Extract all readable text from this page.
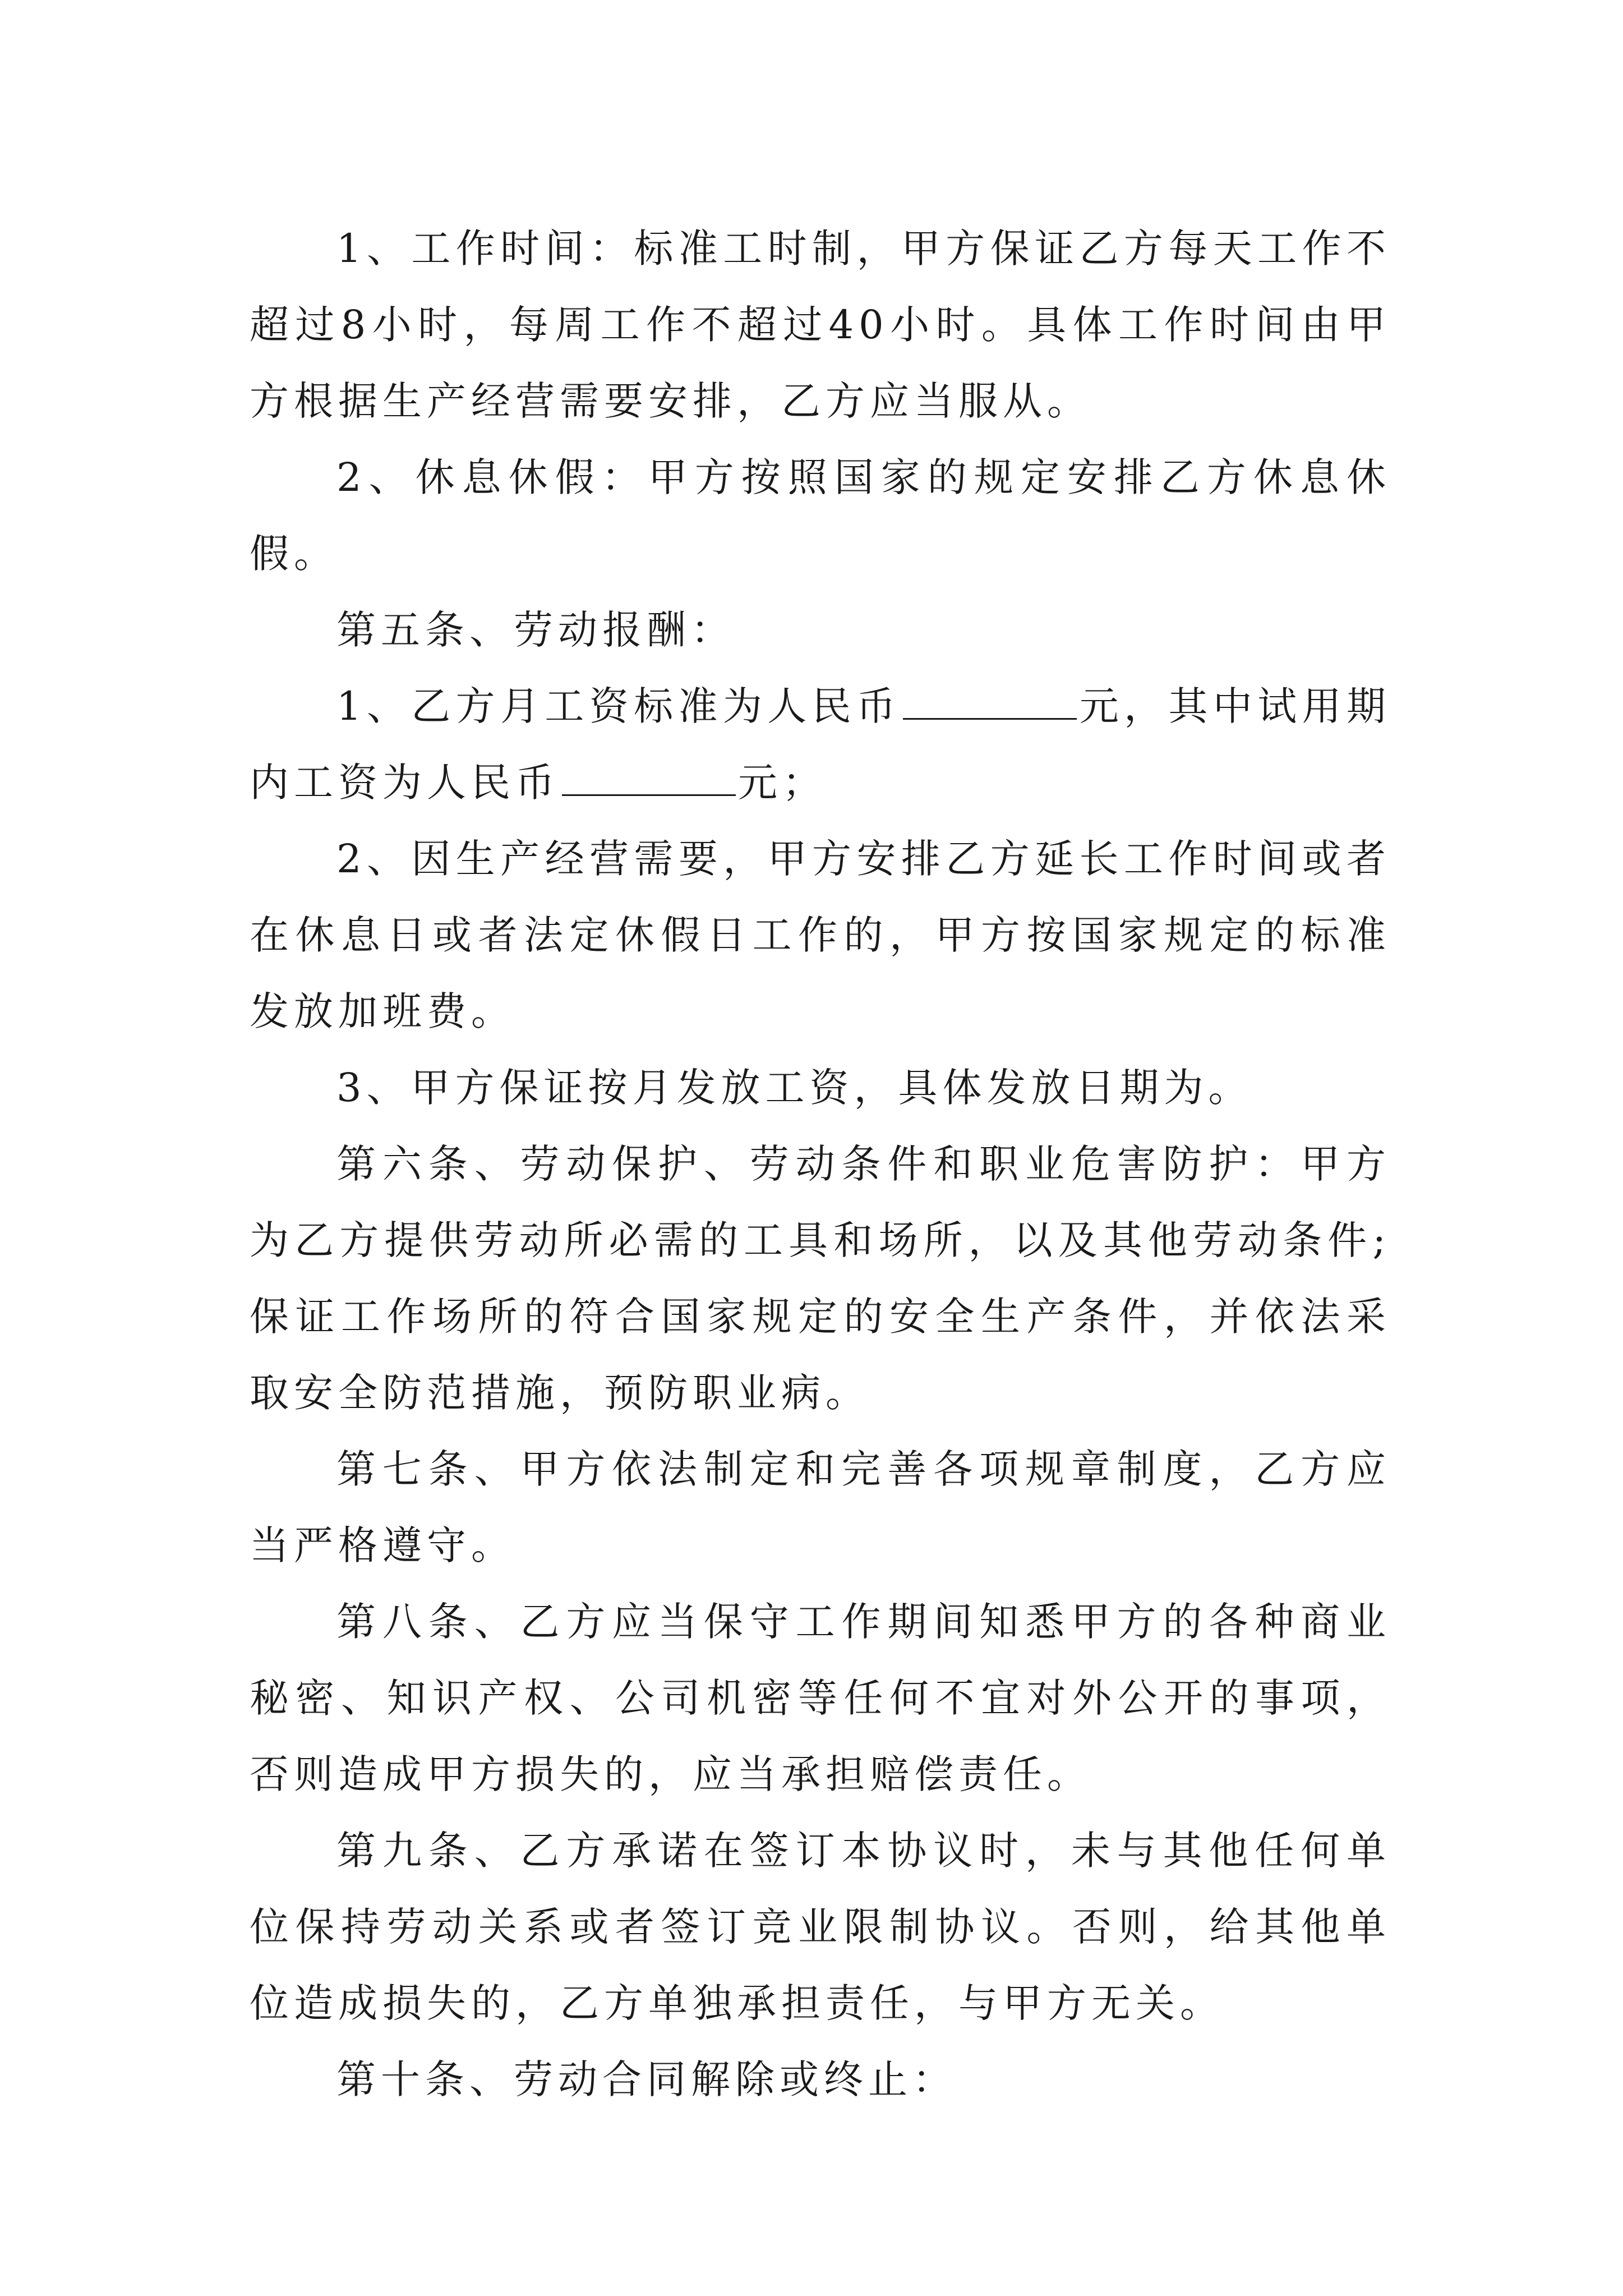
1、工作时间：标准工时制，甲方保证乙方每天工作不超过8小时，每周工作不超过40小时。具体工作时间由甲方根据生产经营需要安排，乙方应当服从。

2、休息休假：甲方按照国家的规定安排乙方休息休假。

第五条、劳动报酬：

1、乙方月工资标准为人民币	元，其中试用期内工资为人民币	元；

2、因生产经营需要，甲方安排乙方延长工作时间或者在休息日或者法定休假日工作的，甲方按国家规定的标准发放加班费。

3、甲方保证按月发放工资，具体发放日期为。

第六条、劳动保护、劳动条件和职业危害防护：甲方为乙方提供劳动所必需的工具和场所，以及其他劳动条件;保证工作场所的符合国家规定的安全生产条件，并依法采取安全防范措施，预防职业病。

第七条、甲方依法制定和完善各项规章制度，乙方应当严格遵守。

第八条、乙方应当保守工作期间知悉甲方的各种商业秘密、知识产权、公司机密等任何不宜对外公开的事项，否则造成甲方损失的，应当承担赔偿责任。

第九条、乙方承诺在签订本协议时，未与其他任何单位保持劳动关系或者签订竞业限制协议。否则，给其他单位造成损失的，乙方单独承担责任，与甲方无关。

第十条、劳动合同解除或终止：
